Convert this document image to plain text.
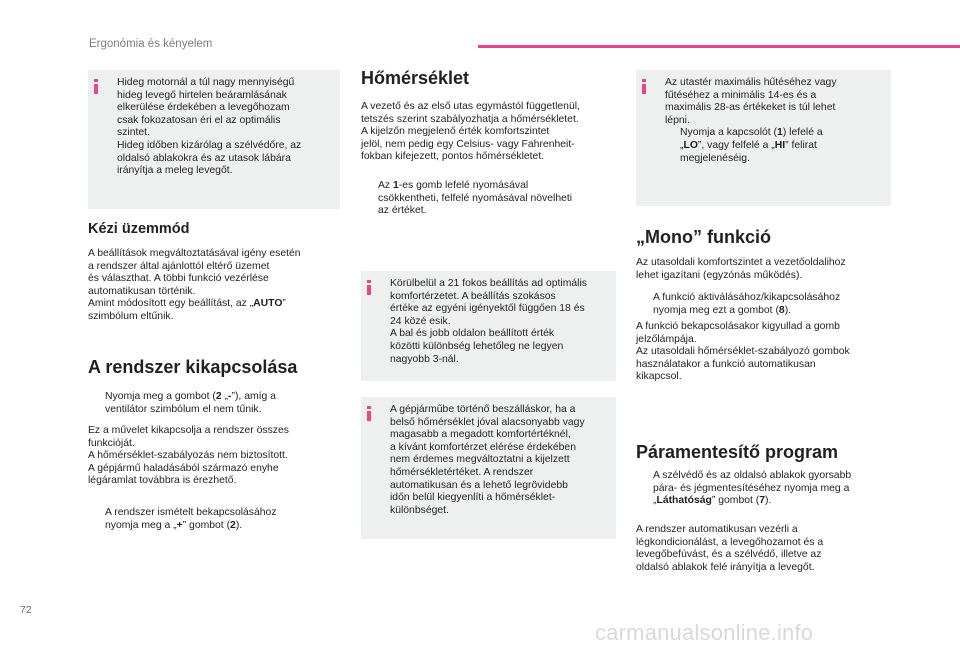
Ergonómia és kényelem
Hideg motornál a túl nagy mennyiségű
hideg levegő hirtelen beáramlásának
elkerülése érdekében a levegőhozam
csak fokozatosan éri el az optimális
szintet.
Hideg időben kizárólag a szélvédőre, az
oldalsó ablakokra és az utasok lábára
irányítja a meleg levegőt.
Kézi üzemmód
A beállítások megváltoztatásával igény esetén
a rendszer által ajánlottól eltérő üzemet
és választhat. A többi funkció vezérlése
automatikusan történik.
Amint módosított egy beállítást, az „AUTO”
szimbólum eltűnik.
A rendszer kikapcsolása
Nyomja meg a gombot (2 „-”), amíg a
ventilátor szimbólum el nem tűnik.
Ez a művelet kikapcsolja a rendszer összes
funkcióját.
A hőmérséklet-szabályozás nem biztosított.
A gépjármű haladásából származó enyhe
légáramlat továbbra is érezhető.
A rendszer ismételt bekapcsolásához
nyomja meg a „+” gombot (2).
Hőmérséklet
A vezető és az első utas egymástól függetlenül,
tetszés szerint szabályozhatja a hőmérsékletet.
A kijelzőn megjelenő érték komfortszintet
jelöl, nem pedig egy Celsius- vagy Fahrenheit-
fokban kifejezett, pontos hőmérsékletet.
Az 1-es gomb lefelé nyomásával
csökkentheti, felfelé nyomásával növelheti
az értéket.
Körülbelül a 21 fokos beállítás ad optimális
komfortérzetet. A beállítás szokásos
értéke az egyéni igényektől függően 18 és
24 közé esik.
A bal és jobb oldalon beállított érték
közötti különbség lehetőleg ne legyen
nagyobb 3-nál.
A gépjárműbe történő beszálláskor, ha a
belső hőmérséklet jóval alacsonyabb vagy
magasabb a megadott komfortértéknél,
a kívánt komfortérzet elérése érdekében
nem érdemes megváltoztatni a kijelzett
hőmérsékletértéket. A rendszer
automatikusan és a lehető legrövidebb
időn belül kiegyenlíti a hőmérséklet-
különbséget.
Az utastér maximális hűtéséhez vagy
fűtéséhez a minimális 14-es és a
maximális 28-as értékeket is túl lehet
lépni.
Nyomja a kapcsolót (1) lefelé a
„LO”, vagy felfelé a „HI” felirat
megjelenéséig.
„Mono” funkció
Az utasoldali komfortszintet a vezetőoldalihoz
lehet igazítani (egyzónás működés).
A funkció aktiválásához/kikapcsolásához
nyomja meg ezt a gombot (8).
A funkció bekapcsolásakor kigyullad a gomb
jelzőlámpája.
Az utasoldali hőmérséklet-szabályozó gombok
használatakor a funkció automatikusan
kikapcsol.
Páramentesítő program
A szélvédő és az oldalsó ablakok gyorsabb
pára- és jégmentesítéséhez nyomja meg a
„Láthatóság” gombot (7).
A rendszer automatikusan vezérli a
légkondicionálást, a levegőhozamot és a
levegőbefúvást, és a szélvédő, illetve az
oldalsó ablakok felé irányítja a levegőt.
72
carmanualsonline.info
